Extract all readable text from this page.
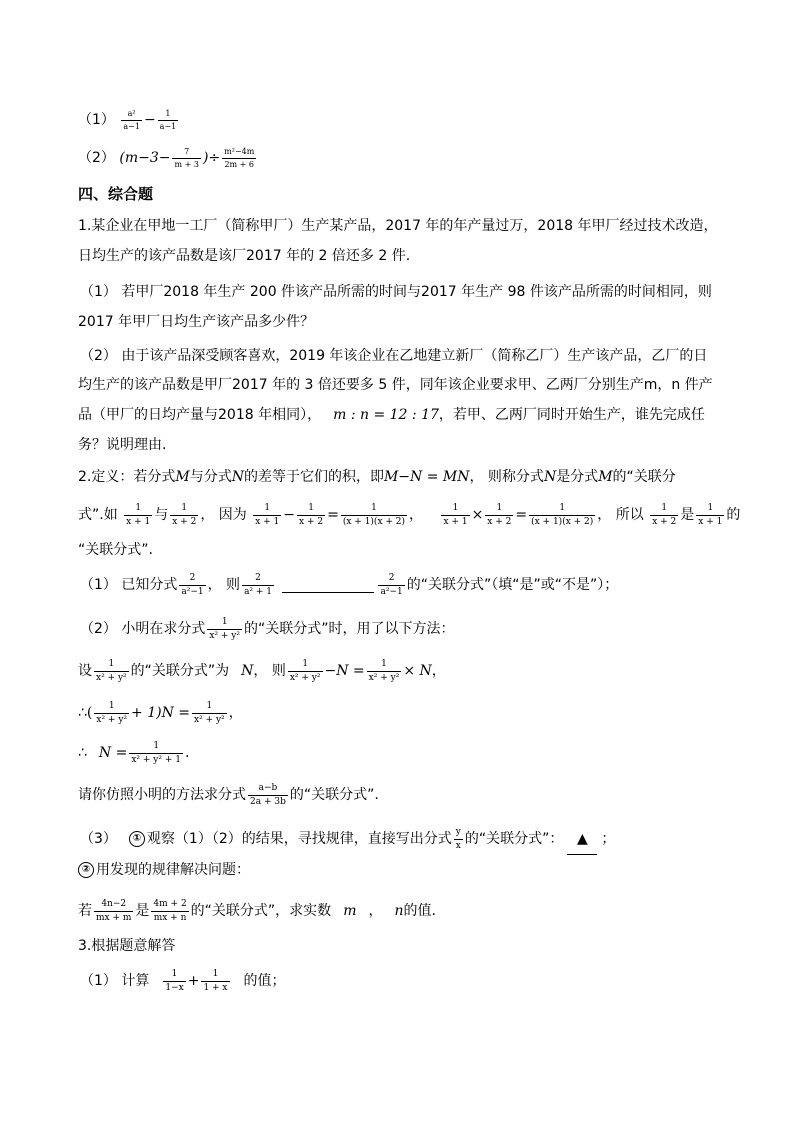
$(1) \frac{\text{a²}}{a-1} - \frac{1}{a-1}$
（2） ($m-3- \frac{7}{m + 3}$ )÷ $\frac{\text{m²−4m}}{2m + 6}$
四、综合题
1.某企业在甲地一工厂（简称甲厂）生产某产品，2017 年的年产量过万，2018 年甲厂经过技术改造，
日均生产的该产品数是该厂2017 年的 2 倍还多 2 件.
（1） 若甲厂2018 年生产 200 件该产品所需的时间与2017 年生产 98 件该产品所需的时间相同，则
2017 年甲厂日均生产该产品多少件？
（2） 由于该产品深受顾客喜欢，2019 年该企业在乙地建立新厂（简称乙厂）生产该产品，乙厂的日
均生产的该产品数是甲厂2017 年的 3 倍还要多 5 件，同年该企业要求甲、乙两厂分别生产m，n 件产
品（甲厂的日均产量与2018 年相同）， m : n = 12 : 17，若甲、乙两厂同时开始生产，谁先完成任
务？说明理由.
2.定义：若分式M与分式N的差等于它们的积，即M−N = MN， 则称分式N是分式M的“关联分
式”.如 $\frac{1}{x + 1}$ 与 $\frac{1}{x + 2}$ ， 因为 $\frac{1}{x + 1} - \frac{1}{x + 2} = \frac{1}{(x + 1)(x + 2)}$ ， $\frac{1}{x + 1} \times \frac{1}{x + 2} = \frac{1}{(x + 1)(x + 2)}$ ， 所以 $\frac{1}{x + 2}$ 是 $\frac{1}{x + 1}$ 的
“关联分式”.
（1） 已知分式 $\frac{2}{\text{a²−1}}$ ， 则 $\frac{2}{\text{a² + 1}}$
	$\frac{2}{\text{a²−1}}$ 的“关联分式”（填“是”或“不是”）；
（2） 小明在求分式 $\frac{1}{\text{x² + y²}}$ 的“关联分式”时，用了以下方法：
设 $\frac{1}{\text{x² + y²}}$ 的“关联分式”为 N， 则 $\frac{1}{\text{x² + y²}} -N = \frac{1}{\text{x² + y²}} \times N$，
∴( $\frac{1}{\text{x² + y²}} + 1)N = \frac{1}{\text{x² + y²}}$ ，
∴ $N = \frac{1}{\text{x² + y² + 1}}$ .
请你仿照小明的方法求分式 $\frac{a-b}{2a + 3b}$ 的“关联分式”.
（3） ① 观察（1）（2）的结果，寻找规律，直接写出分式 $\frac{y}{x}$ 的“关联分式”： ▲ ；
② 用发现的规律解决问题：
若 $\frac{4n-2}{mx + m}$ 是 $\frac{4m + 2}{mx + n}$ 的“关联分式”，求实数 m ， n的值.
3.根据题意解答
（1） 计算 $\frac{1}{1-x} + \frac{1}{1 + x}$ 的值；
